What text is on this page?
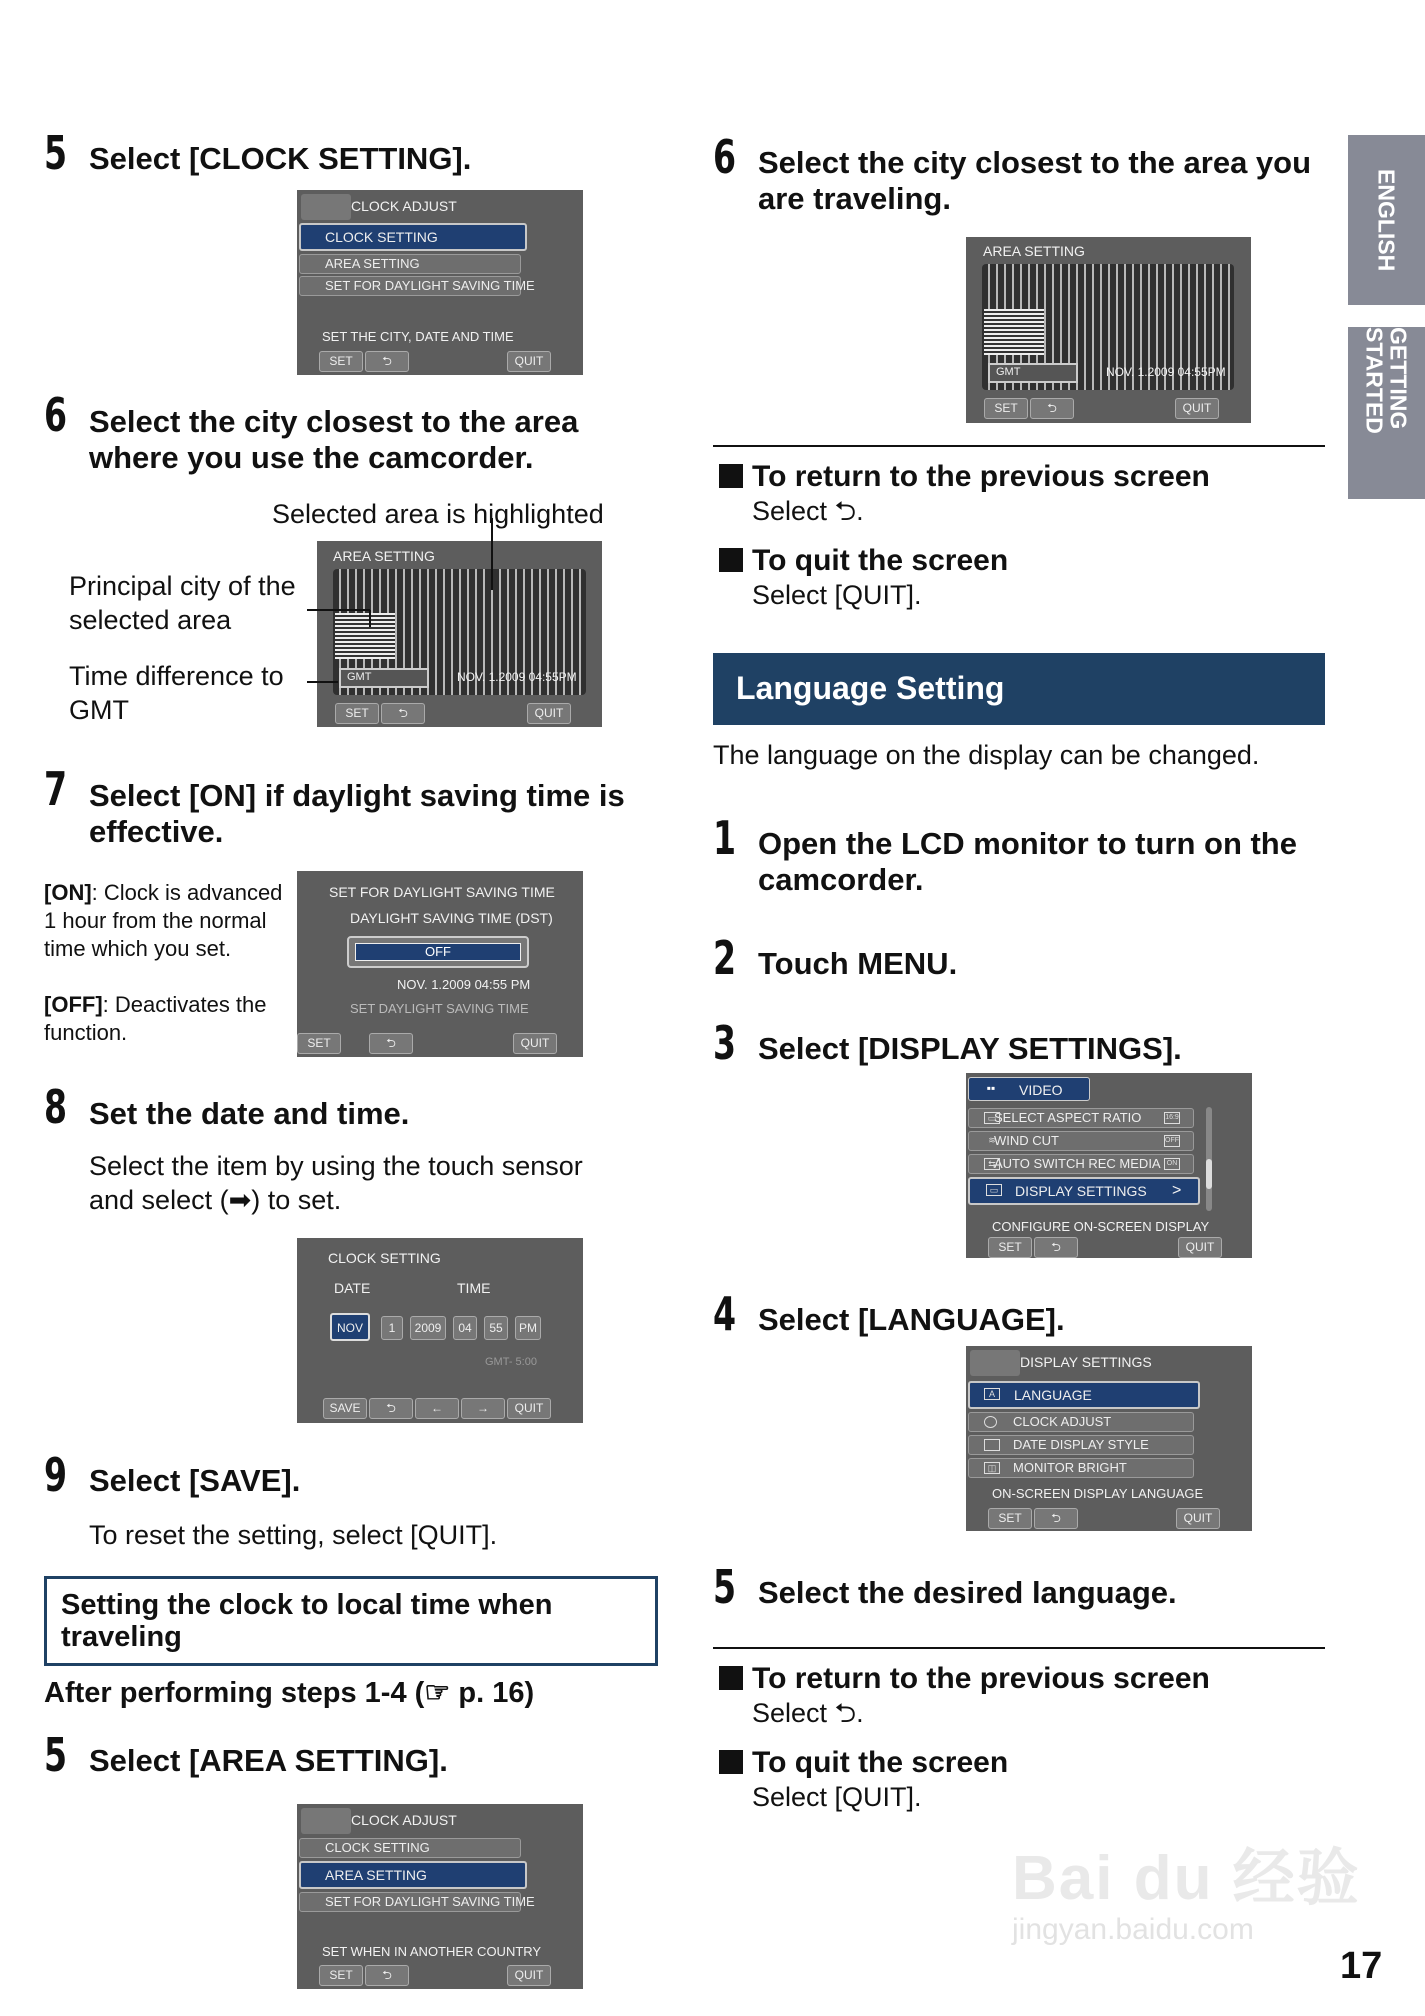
5 Select [CLOCK SETTING].
CLOCK ADJUST
CLOCK SETTING
AREA SETTING
SET FOR DAYLIGHT SAVING TIME
SET THE CITY, DATE AND TIME
SET	⮌	QUIT
6 Select the city closest to the area
where you use the camcorder.
Selected area is highlighted
Principal city of the
selected area
Time difference to
GMT
AREA SETTING
GMT	NOV. 1.2009 04:55PM
SET	⮌	QUIT
7 Select [ON] if daylight saving time is
effective.
[ON]: Clock is advanced
1 hour from the normal
time which you set.
[OFF]: Deactivates the
function.
SET FOR DAYLIGHT SAVING TIME
DAYLIGHT SAVING TIME (DST)
OFF
NOV. 1.2009 04:55 PM
SET DAYLIGHT SAVING TIME
SET	⮌	QUIT
8 Set the date and time.
Select the item by using the touch sensor
and select (➡) to set.
CLOCK SETTING
DATE	TIME
NOV	1	2009	04	55	PM
GMT- 5:00
SAVE	⮌	←	→	QUIT
9 Select [SAVE].
To reset the setting, select [QUIT].
Setting the clock to local time when
traveling
After performing steps 1-4 (☞ p. 16)
5 Select [AREA SETTING].
CLOCK ADJUST
CLOCK SETTING
AREA SETTING
SET FOR DAYLIGHT SAVING TIME
SET WHEN IN ANOTHER COUNTRY
SET	⮌	QUIT
6 Select the city closest to the area you
are traveling.
AREA SETTING
GMT	NOV. 1.2009 04:55PM
SET	⮌	QUIT
To return to the previous screen
Select ⮌.
To quit the screen
Select [QUIT].
Language Setting
The language on the display can be changed.
1 Open the LCD monitor to turn on the
camcorder.
2 Touch MENU.
3 Select [DISPLAY SETTINGS].
▪▪ VIDEO
SELECT ASPECT RATIO
▭	16:9
WIND CUT
≋	OFF
AUTO SWITCH REC MEDIA
⇆	ON
DISPLAY SETTINGS
▭	>
CONFIGURE ON-SCREEN DISPLAY
SET	⮌	QUIT
4 Select [LANGUAGE].
DISPLAY SETTINGS
LANGUAGE
A
CLOCK ADJUST
DATE DISPLAY STYLE
MONITOR BRIGHT
◫
ON-SCREEN DISPLAY LANGUAGE
SET	⮌	QUIT
5 Select the desired language.
To return to the previous screen
Select ⮌.
To quit the screen
Select [QUIT].
ENGLISH
GETTING STARTED
Bai du 经验
jingyan.baidu.com
17
